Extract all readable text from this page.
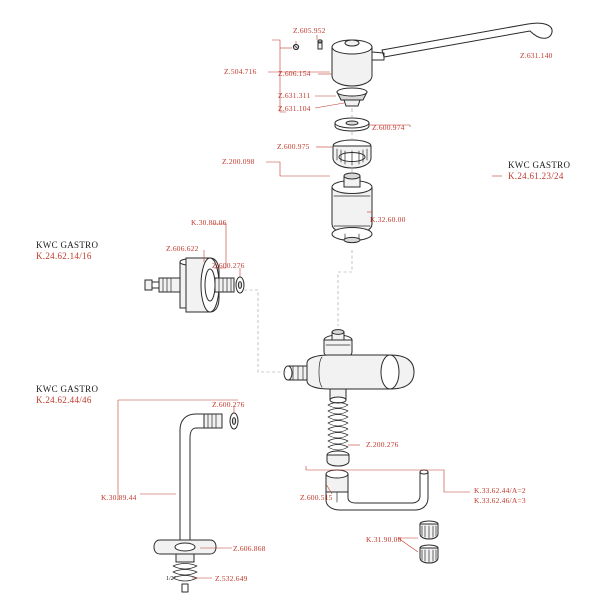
KWC GASTRO
K.24.61.23/24
KWC GASTRO
K.24.62.14/16
KWC GASTRO
K.24.62.44/46
Z.605.952
Z.631.140
Z.504.716	Z.606.154
Z.631.311
Z.631.104
Z.600.974
Z.600.975
Z.200.098
K.32.60.00
K.30.80.06
Z.606.622
Z.600.276
Z.600.276
Z.200.276
K.33.62.44/A=2
K.33.62.46/A=3
Z.600.515
K.30.89.44
K.31.90.00
Z.606.868
Z.532.649
1/2"
